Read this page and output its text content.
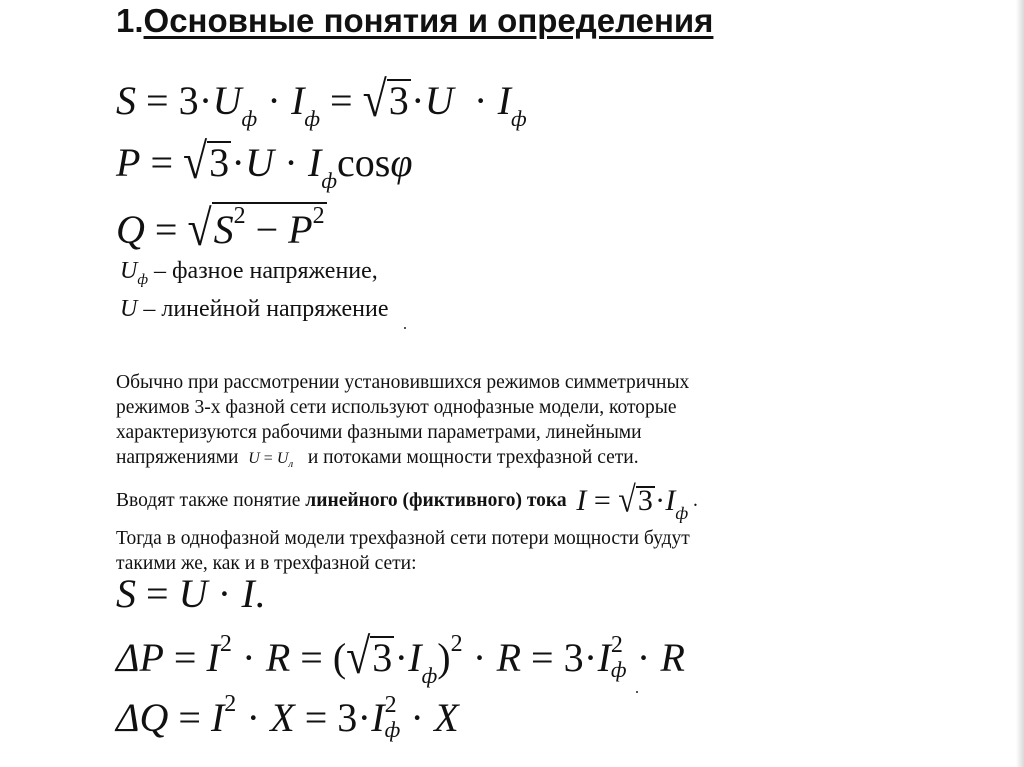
1.Основные понятия и определения
$S = 3\cdot U_ф \cdot I_ф = √3\cdot U \cdot I_ф$
$P = √3\cdot U \cdot I_ф\cos\varphi$
$Q = √S^2 - P^2$
$U_ф$ – фазное напряжение,
U – линейной напряжение
Обычно при рассмотрении установившихся режимов симметричных
режимов 3-х фазной сети используют однофазные модели, которые
характеризуются рабочими фазными параметрами, линейными
напряжениями $U = U_л$ и потоками мощности трехфазной сети.
Вводят также понятие линейного (фиктивного) тока $I = √3\cdot I_ф$ .
Тогда в однофазной модели трехфазной сети потери мощности будут
такими же, как и в трехфазной сети:
S = U · I.
$\Delta P = I^2 \cdot R = (√3\cdot I_ф)^2 \cdot R = 3\cdot I$ 2
ф · R
$\Delta Q = I^2 \cdot X = 3\cdot I$ 2
ф · X
